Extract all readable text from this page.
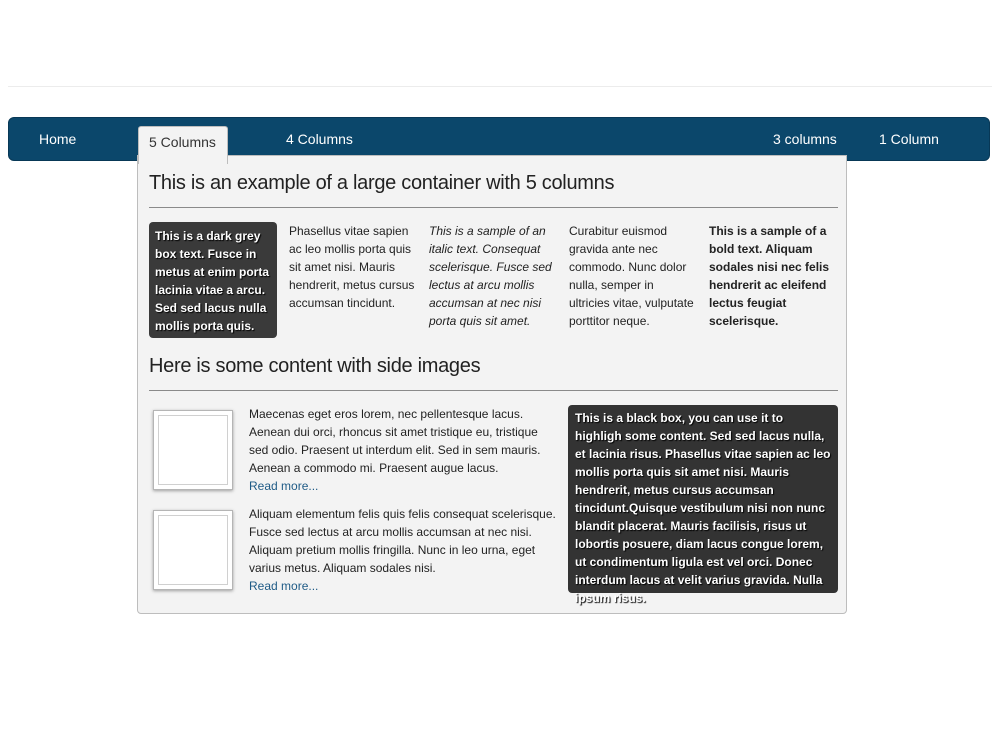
Home	5 Columns	4 Columns	3 columns	1 Column
This is an example of a large container with 5 columns
This is a dark grey box text. Fusce in metus at enim porta lacinia vitae a arcu. Sed sed lacus nulla mollis porta quis.
Phasellus vitae sapien ac leo mollis porta quis sit amet nisi. Mauris hendrerit, metus cursus accumsan tincidunt.
This is a sample of an italic text. Consequat scelerisque. Fusce sed lectus at arcu mollis accumsan at nec nisi porta quis sit amet.
Curabitur euismod gravida ante nec commodo. Nunc dolor nulla, semper in ultricies vitae, vulputate porttitor neque.
This is a sample of a bold text. Aliquam sodales nisi nec felis hendrerit ac eleifend lectus feugiat scelerisque.
Here is some content with side images
Maecenas eget eros lorem, nec pellentesque lacus. Aenean dui orci, rhoncus sit amet tristique eu, tristique sed odio. Praesent ut interdum elit. Sed in sem mauris. Aenean a commodo mi. Praesent augue lacus.
Read more...
Aliquam elementum felis quis felis consequat scelerisque. Fusce sed lectus at arcu mollis accumsan at nec nisi. Aliquam pretium mollis fringilla. Nunc in leo urna, eget varius metus. Aliquam sodales nisi.
Read more...
This is a black box, you can use it to highligh some content. Sed sed lacus nulla, et lacinia risus. Phasellus vitae sapien ac leo mollis porta quis sit amet nisi. Mauris hendrerit, metus cursus accumsan tincidunt.Quisque vestibulum nisi non nunc blandit placerat. Mauris facilisis, risus ut lobortis posuere, diam lacus congue lorem, ut condimentum ligula est vel orci. Donec interdum lacus at velit varius gravida. Nulla ipsum risus.
